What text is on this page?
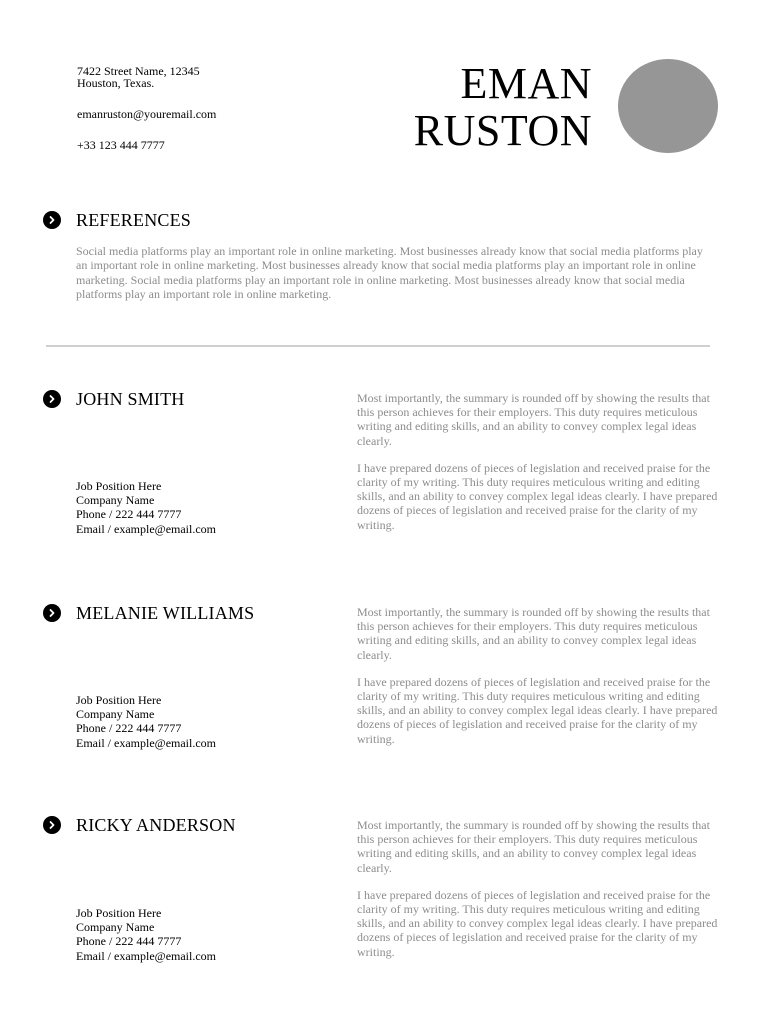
7422 Street Name, 12345
Houston, Texas.
emanruston@youremail.com
+33 123 444 7777
EMAN
RUSTON
REFERENCES
Social media platforms play an important role in online marketing. Most businesses already know that social media platforms play an important role in online marketing. Most businesses already know that social media platforms play an important role in online marketing. Social media platforms play an important role in online marketing. Most businesses already know that social media platforms play an important role in online marketing.
JOHN SMITH
Job Position Here
Company Name
Phone / 222 444 7777
Email / example@email.com

Most importantly, the summary is rounded off by showing the results that this person achieves for their employers. This duty requires meticulous writing and editing skills, and an ability to convey complex legal ideas clearly.

I have prepared dozens of pieces of legislation and received praise for the clarity of my writing. This duty requires meticulous writing and editing skills, and an ability to convey complex legal ideas clearly. I have prepared dozens of pieces of legislation and received praise for the clarity of my writing.

MELANIE WILLIAMS
Job Position Here
Company Name
Phone / 222 444 7777
Email / example@email.com

Most importantly, the summary is rounded off by showing the results that this person achieves for their employers. This duty requires meticulous writing and editing skills, and an ability to convey complex legal ideas clearly.

I have prepared dozens of pieces of legislation and received praise for the clarity of my writing. This duty requires meticulous writing and editing skills, and an ability to convey complex legal ideas clearly. I have prepared dozens of pieces of legislation and received praise for the clarity of my writing.

RICKY ANDERSON
Job Position Here
Company Name
Phone / 222 444 7777
Email / example@email.com

Most importantly, the summary is rounded off by showing the results that this person achieves for their employers. This duty requires meticulous writing and editing skills, and an ability to convey complex legal ideas clearly.

I have prepared dozens of pieces of legislation and received praise for the clarity of my writing. This duty requires meticulous writing and editing skills, and an ability to convey complex legal ideas clearly. I have prepared dozens of pieces of legislation and received praise for the clarity of my writing.
